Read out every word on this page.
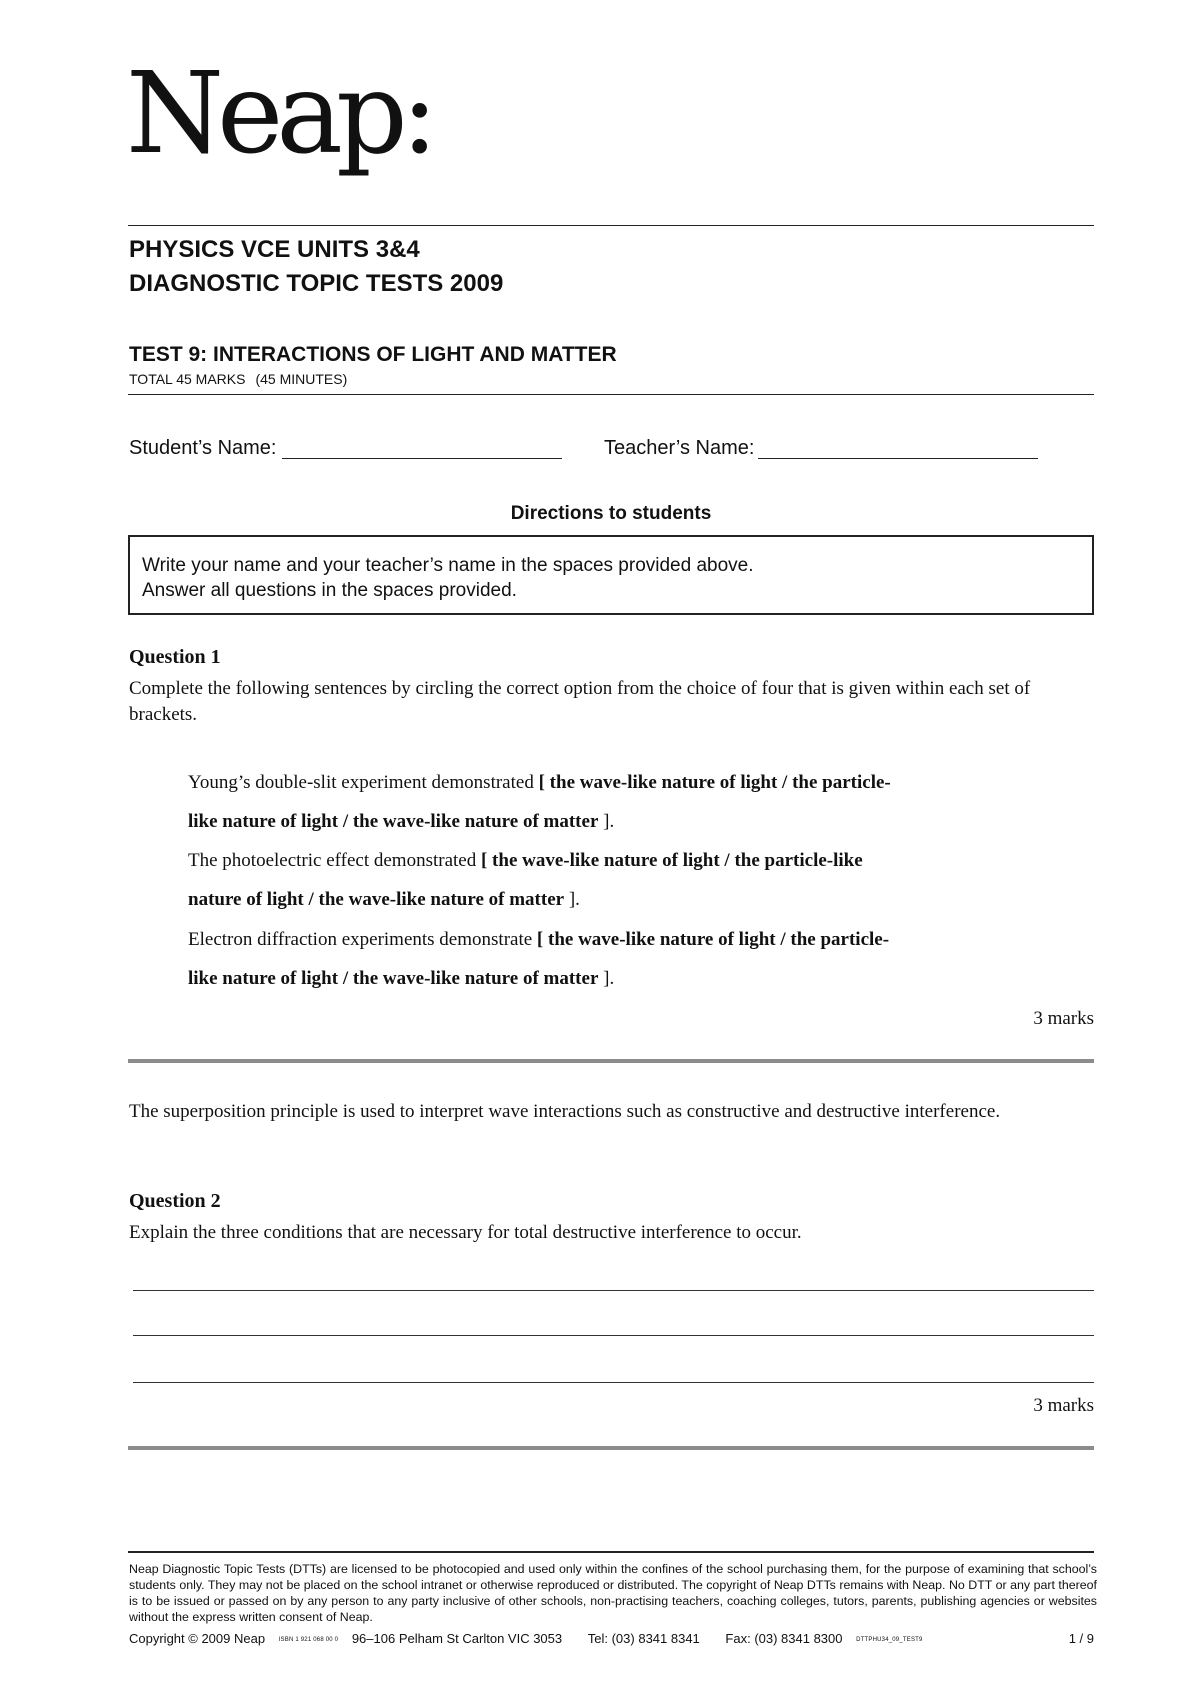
Neap:
PHYSICS VCE UNITS 3&4
DIAGNOSTIC TOPIC TESTS 2009
TEST 9: INTERACTIONS OF LIGHT AND MATTER
TOTAL 45 MARKS (45 MINUTES)
Student’s Name:	Teacher’s Name:
Directions to students
Write your name and your teacher’s name in the spaces provided above.
Answer all questions in the spaces provided.
Question 1
Complete the following sentences by circling the correct option from the choice of four that is given within each set of brackets.
Young’s double-slit experiment demonstrated [ the wave-like nature of light / the particle-
like nature of light / the wave-like nature of matter ].
The photoelectric effect demonstrated [ the wave-like nature of light / the particle-like
nature of light / the wave-like nature of matter ].
Electron diffraction experiments demonstrate [ the wave-like nature of light / the particle-
like nature of light / the wave-like nature of matter ].
3 marks
The superposition principle is used to interpret wave interactions such as constructive and destructive interference.
Question 2
Explain the three conditions that are necessary for total destructive interference to occur.
3 marks
Neap Diagnostic Topic Tests (DTTs) are licensed to be photocopied and used only within the confines of the school purchasing them, for the purpose of examining that school’s students only. They may not be placed on the school intranet or otherwise reproduced or distributed. The copyright of Neap DTTs remains with Neap. No DTT or any part thereof is to be issued or passed on by any person to any party inclusive of other schools, non-practising teachers, coaching colleges, tutors, parents, publishing agencies or websites without the express written consent of Neap.
Copyright © 2009 Neap ISBN 1 921 068 00 0 96–106 Pelham St Carlton VIC 3053 Tel: (03) 8341 8341 Fax: (03) 8341 8300 DTTPHU34_09_TEST9	1 / 9
